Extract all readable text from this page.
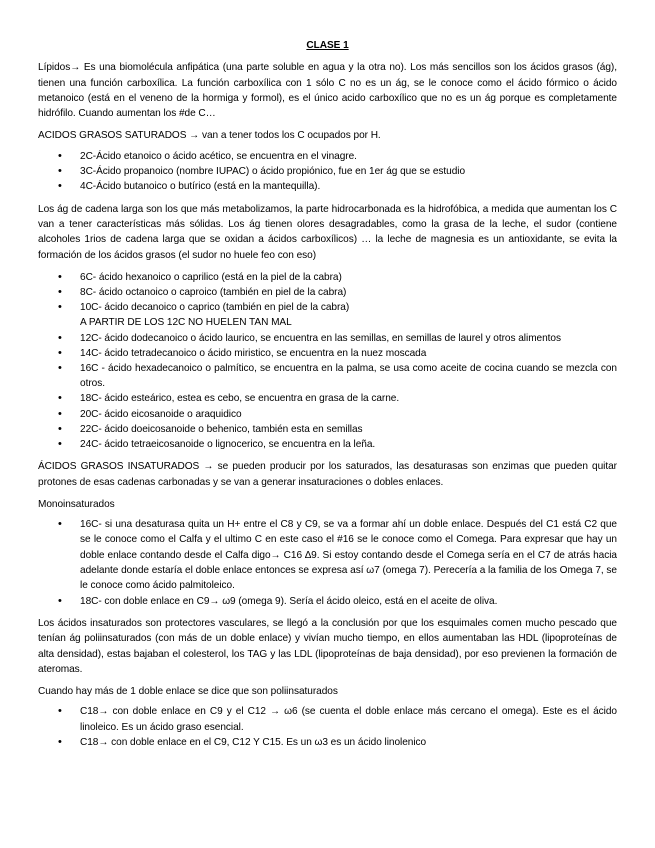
CLASE 1

Lípidos→ Es una biomolécula anfipática (una parte soluble en agua y la otra no). Los más sencillos son los ácidos grasos (ág), tienen una función carboxílica. La función carboxílica con 1 sólo C no es un ág, se le conoce como el ácido fórmico o ácido metanoico (está en el veneno de la hormiga y formol), es el único acido carboxílico que no es un ág porque es completamente hidrófilo. Cuando aumentan los #de C…

ACIDOS GRASOS SATURADOS → van a tener todos los C ocupados por H.

• 2C-Ácido etanoico o ácido acético, se encuentra en el vinagre.
• 3C-Ácido propanoico (nombre IUPAC) o ácido propiónico, fue en 1er ág que se estudio
• 4C-Ácido butanoico o butírico (está en la mantequilla).

Los ág de cadena larga son los que más metabolizamos, la parte hidrocarbonada es la hidrofóbica, a medida que aumentan los C van a tener características más sólidas. Los ág tienen olores desagradables, como la grasa de la leche, el sudor (contiene alcoholes 1rios de cadena larga que se oxidan a ácidos carboxílicos) … la leche de magnesia es un antioxidante, se evita la formación de los ácidos grasos (el sudor no huele feo con eso)

• 6C- ácido hexanoico o caprilico (está en la piel de la cabra)
• 8C- ácido octanoico o caproico (también en piel de la cabra)
• 10C- ácido decanoico o caprico (también en piel de la cabra)
A PARTIR DE LOS 12C NO HUELEN TAN MAL
• 12C- ácido dodecanoico o ácido laurico, se encuentra en las semillas, en semillas de laurel y otros alimentos
• 14C- ácido tetradecanoico o ácido miristico, se encuentra en la nuez moscada
• 16C - ácido hexadecanoico o palmítico, se encuentra en la palma, se usa como aceite de cocina cuando se mezcla con otros.
• 18C- ácido esteárico, estea es cebo, se encuentra en grasa de la carne.
• 20C- ácido eicosanoide o araquidico
• 22C- ácido doeicosanoide o behenico, también esta en semillas
• 24C- ácido tetraeicosanoide o lignocerico, se encuentra en la leña.

ÁCIDOS GRASOS INSATURADOS → se pueden producir por los saturados, las desaturasas son enzimas que pueden quitar protones de esas cadenas carbonadas y se van a generar insaturaciones o dobles enlaces.

Monoinsaturados

• 16C- si una desaturasa quita un H+ entre el C8 y C9, se va a formar ahí un doble enlace. Después del C1 está C2 que se le conoce como el Calfa y el ultimo C en este caso el #16 se le conoce como el Comega. Para expresar que hay un doble enlace contando desde el Calfa digo→ C16 ∆9. Si estoy contando desde el Comega sería en el C7 de atrás hacia adelante donde estaría el doble enlace entonces se expresa así ω7 (omega 7). Perecería a la familia de los Omega 7, se le conoce como ácido palmitoleico.
• 18C- con doble enlace en C9→ ω9 (omega 9). Sería el ácido oleico, está en el aceite de oliva.

Los ácidos insaturados son protectores vasculares, se llegó a la conclusión por que los esquimales comen mucho pescado que tenían ág poliinsaturados (con más de un doble enlace) y vivían mucho tiempo, en ellos aumentaban las HDL (lipoproteínas de alta densidad), estas bajaban el colesterol, los TAG y las LDL (lipoproteínas de baja densidad), por eso previenen la formación de ateromas.

Cuando hay más de 1 doble enlace se dice que son poliinsaturados

• C18→ con doble enlace en C9 y el C12 → ω6 (se cuenta el doble enlace más cercano el omega). Este es el ácido linoleico. Es un ácido graso esencial.
• C18→ con doble enlace en el C9, C12 Y C15. Es un ω3 es un ácido linolenico
